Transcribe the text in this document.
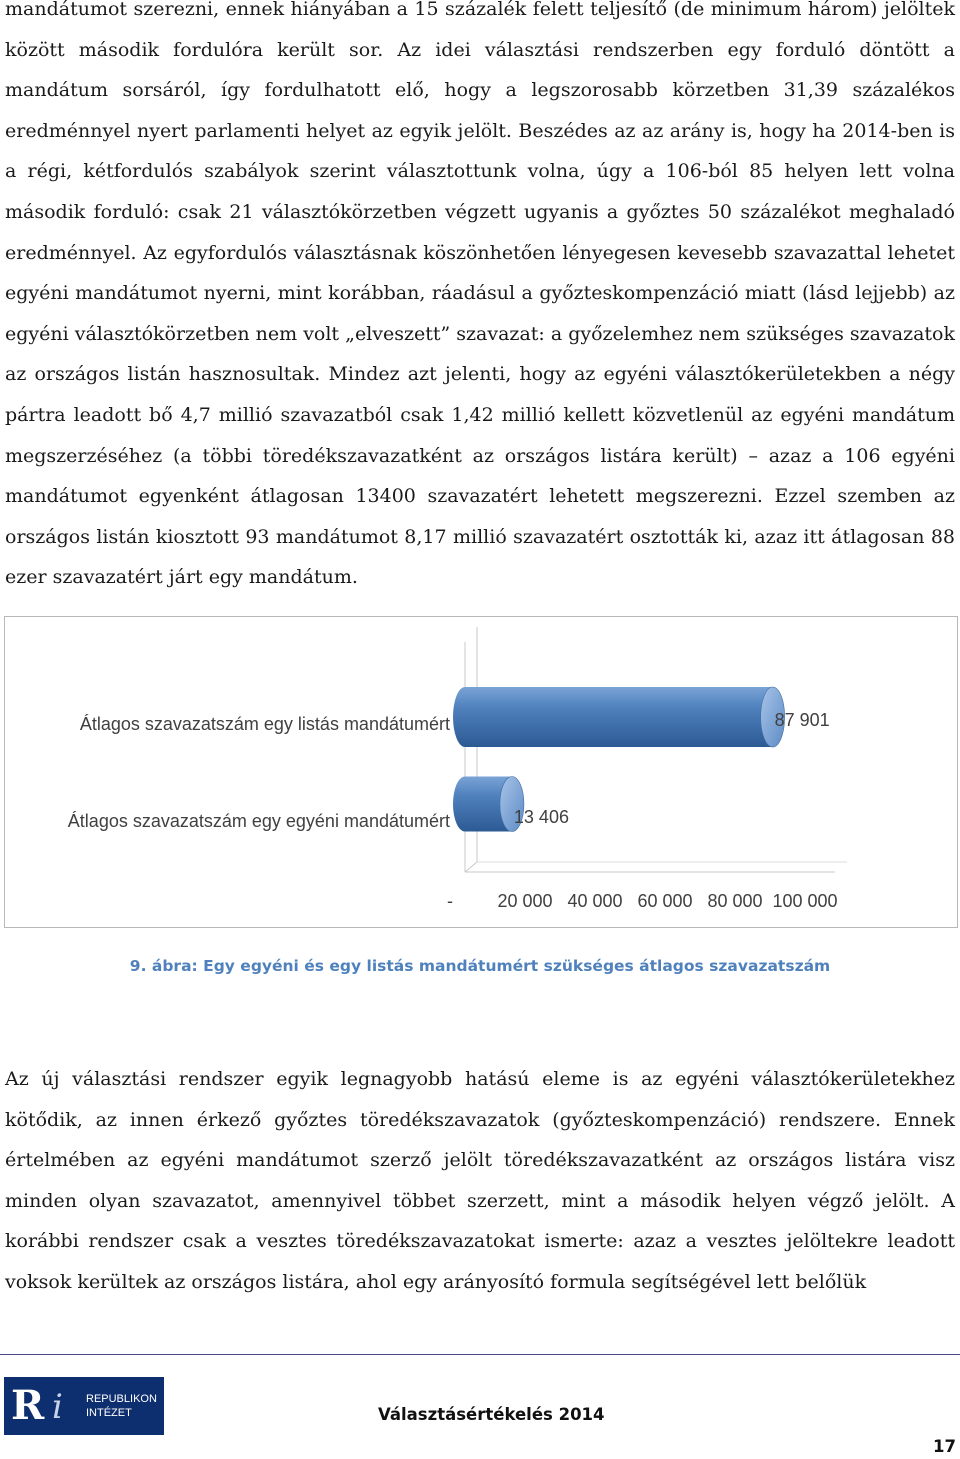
mandátumot szerezni, ennek hiányában a 15 százalék felett teljesítő (de minimum három) jelöltek között második fordulóra került sor. Az idei választási rendszerben egy forduló döntött a mandátum sorsáról, így fordulhatott elő, hogy a legszorosabb körzetben 31,39 százalékos eredménnyel nyert parlamenti helyet az egyik jelölt. Beszédes az az arány is, hogy ha 2014-ben is a régi, kétfordulós szabályok szerint választottunk volna, úgy a 106-ból 85 helyen lett volna második forduló: csak 21 választókörzetben végzett ugyanis a győztes 50 százalékot meghaladó eredménnyel. Az egyfordulós választásnak köszönhetően lényegesen kevesebb szavazattal lehetet egyéni mandátumot nyerni, mint korábban, ráadásul a győzteskompenzáció miatt (lásd lejjebb) az egyéni választókörzetben nem volt „elveszett” szavazat: a győzelemhez nem szükséges szavazatok az országos listán hasznosultak. Mindez azt jelenti, hogy az egyéni választókerületekben a négy pártra leadott bő 4,7 millió szavazatból csak 1,42 millió kellett közvetlenül az egyéni mandátum megszerzéséhez (a többi töredékszavazatként az országos listára került) – azaz a 106 egyéni mandátumot egyenként átlagosan 13400 szavazatért lehetett megszerezni. Ezzel szemben az országos listán kiosztott 93 mandátumot 8,17 millió szavazatért osztották ki, azaz itt átlagosan 88 ezer szavazatért járt egy mandátum.

Átlagos szavazatszám egy listás mandátumért
Átlagos szavazatszám egy egyéni mandátumért
87 901
13 406
- 20 000 40 000 60 000 80 000 100 000

9. ábra: Egy egyéni és egy listás mandátumért szükséges átlagos szavazatszám

Az új választási rendszer egyik legnagyobb hatású eleme is az egyéni választókerületekhez kötődik, az innen érkező győztes töredékszavazatok (győzteskompenzáció) rendszere. Ennek értelmében az egyéni mandátumot szerző jelölt töredékszavazatként az országos listára visz minden olyan szavazatot, amennyivel többet szerzett, mint a második helyen végző jelölt. A korábbi rendszer csak a vesztes töredékszavazatokat ismerte: azaz a vesztes jelöltekre leadott voksok kerültek az országos listára, ahol egy arányosító formula segítségével lett belőlük

R i REPUBLIKON
INTÉZET	Választásértékelés 2014

17
